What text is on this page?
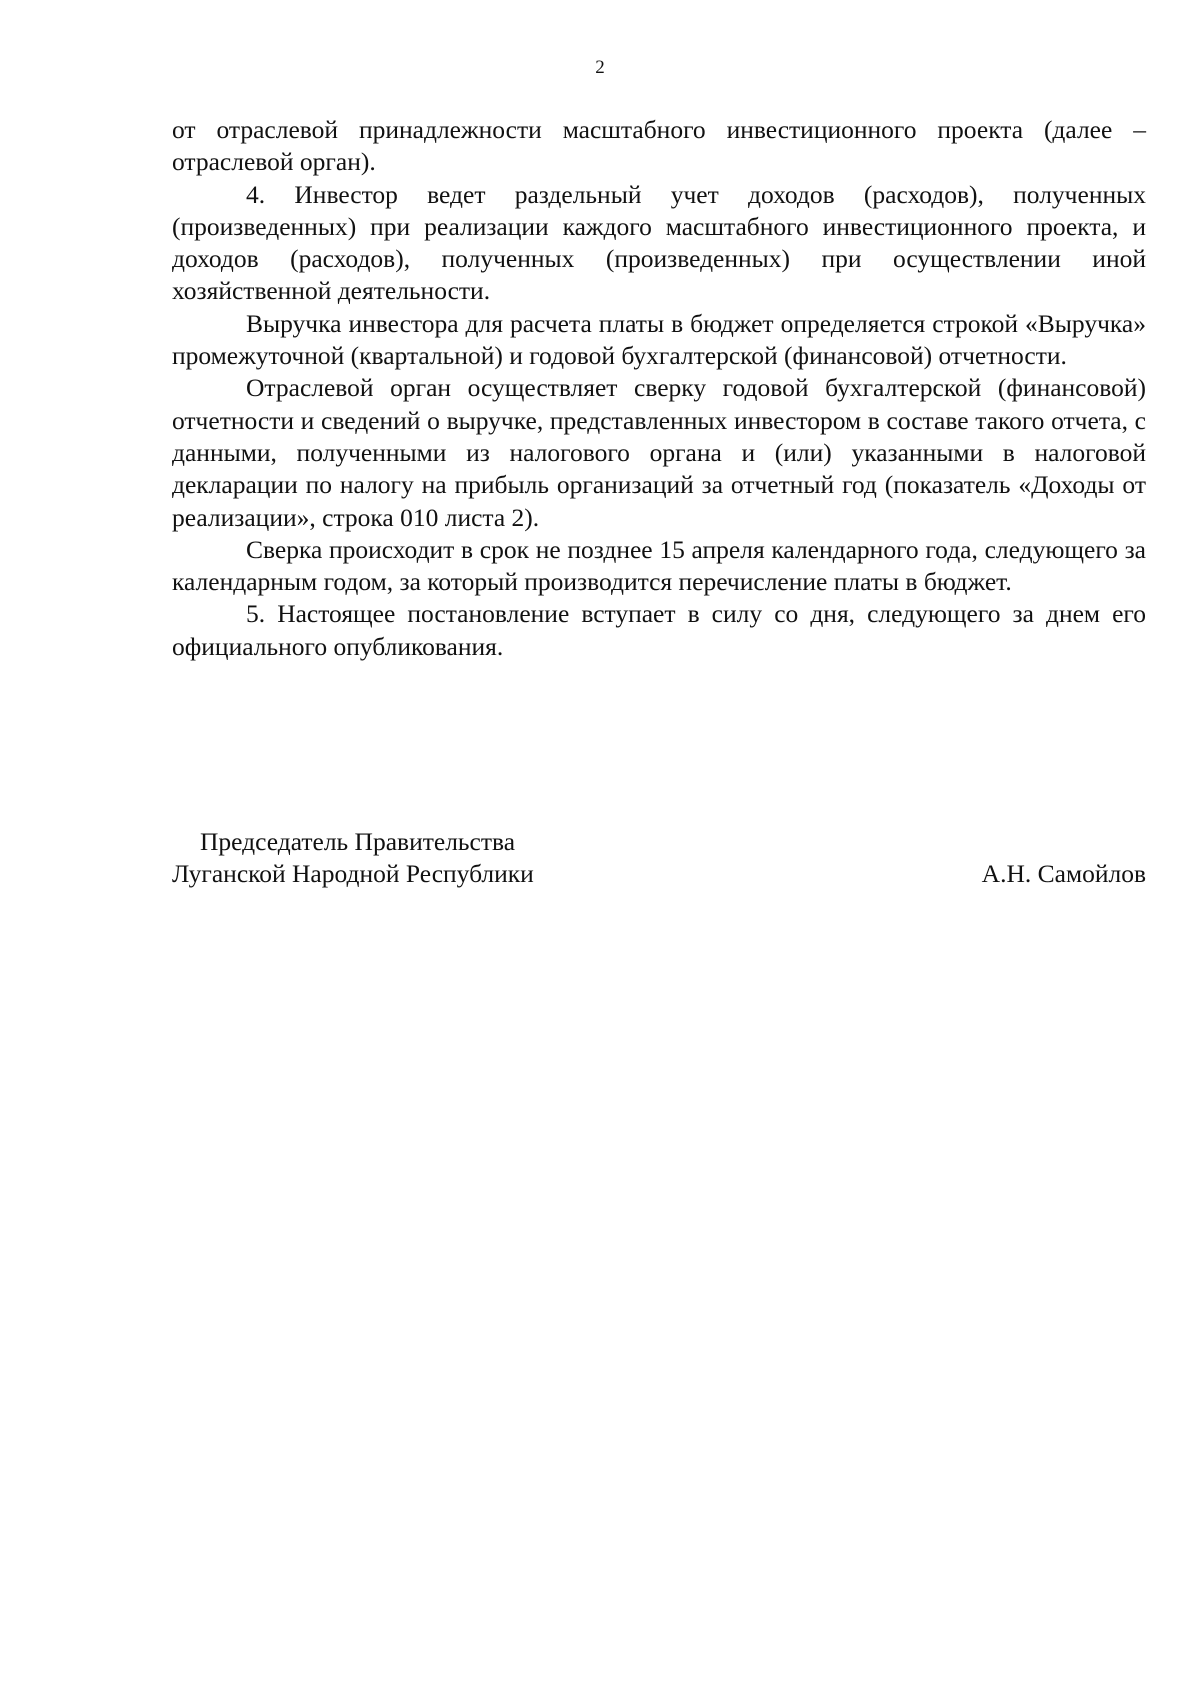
2

от отраслевой принадлежности масштабного инвестиционного проекта (далее – отраслевой орган).

4. Инвестор ведет раздельный учет доходов (расходов), полученных (произведенных) при реализации каждого масштабного инвестиционного проекта, и доходов (расходов), полученных (произведенных) при осуществлении иной хозяйственной деятельности.

Выручка инвестора для расчета платы в бюджет определяется строкой «Выручка» промежуточной (квартальной) и годовой бухгалтерской (финансовой) отчетности.

Отраслевой орган осуществляет сверку годовой бухгалтерской (финансовой) отчетности и сведений о выручке, представленных инвестором в составе такого отчета, с данными, полученными из налогового органа и (или) указанными в налоговой декларации по налогу на прибыль организаций за отчетный год (показатель «Доходы от реализации», строка 010 листа 2).

Сверка происходит в срок не позднее 15 апреля календарного года, следующего за календарным годом, за который производится перечисление платы в бюджет.

5. Настоящее постановление вступает в силу со дня, следующего за днем его официального опубликования.

Председатель Правительства
Луганской Народной Республики	А.Н. Самойлов
